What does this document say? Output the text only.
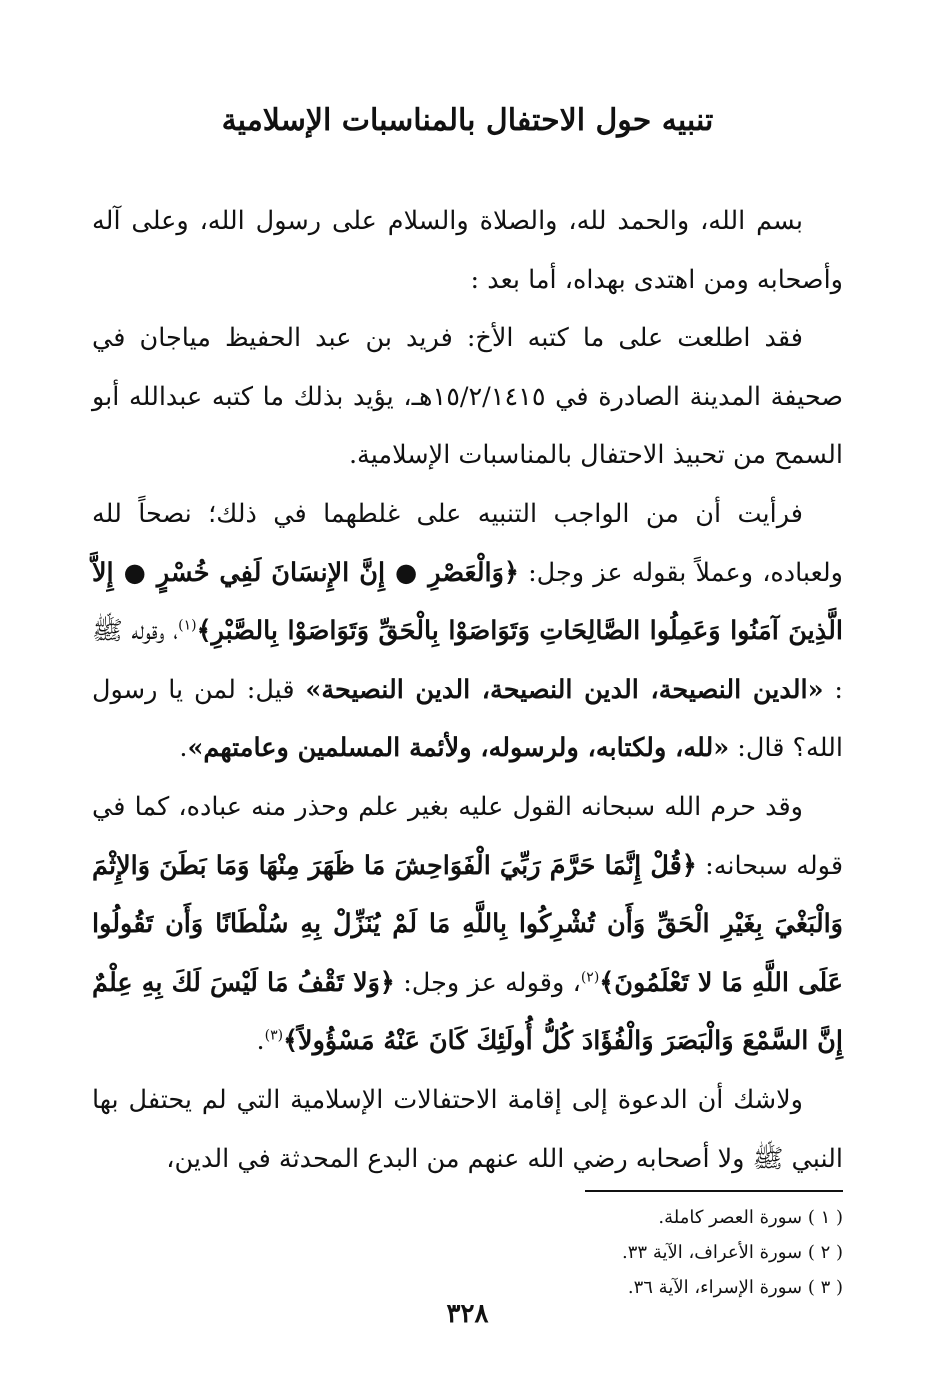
تنبيه حول الاحتفال بالمناسبات الإسلامية

بسم الله، والحمد لله، والصلاة والسلام على رسول الله، وعلى آله وأصحابه ومن اهتدى بهداه، أما بعد :

فقد اطلعت على ما كتبه الأخ: فريد بن عبد الحفيظ مياجان في صحيفة المدينة الصادرة في ١٥/٢/١٤١٥هـ، يؤيد بذلك ما كتبه عبدالله أبو السمح من تحبيذ الاحتفال بالمناسبات الإسلامية.

فرأيت أن من الواجب التنبيه على غلطهما في ذلك؛ نصحاً لله ولعباده، وعملاً بقوله عز وجل: ﴿وَالْعَصْرِ ● إِنَّ الإِنسَانَ لَفِي خُسْرٍ ● إِلاَّ الَّذِينَ آمَنُوا وَعَمِلُوا الصَّالِحَاتِ وَتَوَاصَوْا بِالْحَقِّ وَتَوَاصَوْا بِالصَّبْرِ﴾$^{(١)}$، وقوله ﷺ : «الدين النصيحة، الدين النصيحة، الدين النصيحة» قيل: لمن يا رسول الله؟ قال: «لله، ولكتابه، ولرسوله، ولأئمة المسلمين وعامتهم».

وقد حرم الله سبحانه القول عليه بغير علم وحذر منه عباده، كما في قوله سبحانه: ﴿قُلْ إِنَّمَا حَرَّمَ رَبِّيَ الْفَوَاحِشَ مَا ظَهَرَ مِنْهَا وَمَا بَطَنَ وَالإِثْمَ وَالْبَغْيَ بِغَيْرِ الْحَقِّ وَأَن تُشْرِكُوا بِاللَّهِ مَا لَمْ يُنَزِّلْ بِهِ سُلْطَانًا وَأَن تَقُولُوا عَلَى اللَّهِ مَا لا تَعْلَمُونَ﴾$^{(٢)}$، وقوله عز وجل: ﴿وَلا تَقْفُ مَا لَيْسَ لَكَ بِهِ عِلْمٌ إِنَّ السَّمْعَ وَالْبَصَرَ وَالْفُؤَادَ كُلُّ أُولَئِكَ كَانَ عَنْهُ مَسْؤُولاً﴾$^{(٣)}$.

ولاشك أن الدعوة إلى إقامة الاحتفالات الإسلامية التي لم يحتفل بها النبي ﷺ ولا أصحابه رضي الله عنهم من البدع المحدثة في الدين،

( ١ ) سورة العصر كاملة.

( ٢ ) سورة الأعراف، الآية ٣٣.

( ٣ ) سورة الإسراء، الآية ٣٦.

٣٢٨
